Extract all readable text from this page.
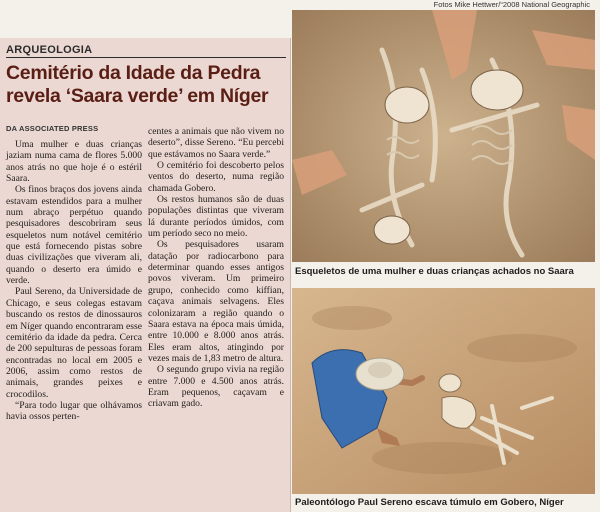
ARQUEOLOGIA
Cemitério da Idade da Pedra
revela ‘Saara verde’ em Níger
DA ASSOCIATED PRESS

Uma mulher e duas crianças jaziam numa cama de flores 5.000 anos atrás no que hoje é o estéril Saara.

Os finos braços dos jovens ainda estavam estendidos para a mulher num abraço perpétuo quando pesquisadores descobriram seus esqueletos num notável cemitério que está fornecendo pistas sobre duas civilizações que viveram ali, quando o deserto era úmido e verde.

Paul Sereno, da Universidade de Chicago, e seus colegas estavam buscando os restos de dinossauros em Níger quando encontraram esse cemitério da idade da pedra. Cerca de 200 sepulturas de pessoas foram encontradas no local em 2005 e 2006, assim como restos de animais, grandes peixes e crocodilos.

“Para todo lugar que olhávamos havia ossos perten-

centes a animais que não vivem no deserto”, disse Sereno. “Eu percebi que estávamos no Saara verde.”

O cemitério foi descoberto pelos ventos do deserto, numa região chamada Gobero.

Os restos humanos são de duas populações distintas que viveram lá durante períodos úmidos, com um período seco no meio.

Os pesquisadores usaram datação por radiocarbono para determinar quando esses antigos povos viveram. Um primeiro grupo, conhecido como kiffian, caçava animais selvagens. Eles colonizaram a região quando o Saara estava na época mais úmida, entre 10.000 e 8.000 anos atrás. Eles eram altos, atingindo por vezes mais de 1,83 metro de altura.

O segundo grupo vivia na região entre 7.000 e 4.500 anos atrás. Eram pequenos, caçavam e criavam gado.

Fotos Mike Hettwer/“2008 National Geographic
Esqueletos de uma mulher e duas crianças achados no Saara
Paleontólogo Paul Sereno escava túmulo em Gobero, Níger
